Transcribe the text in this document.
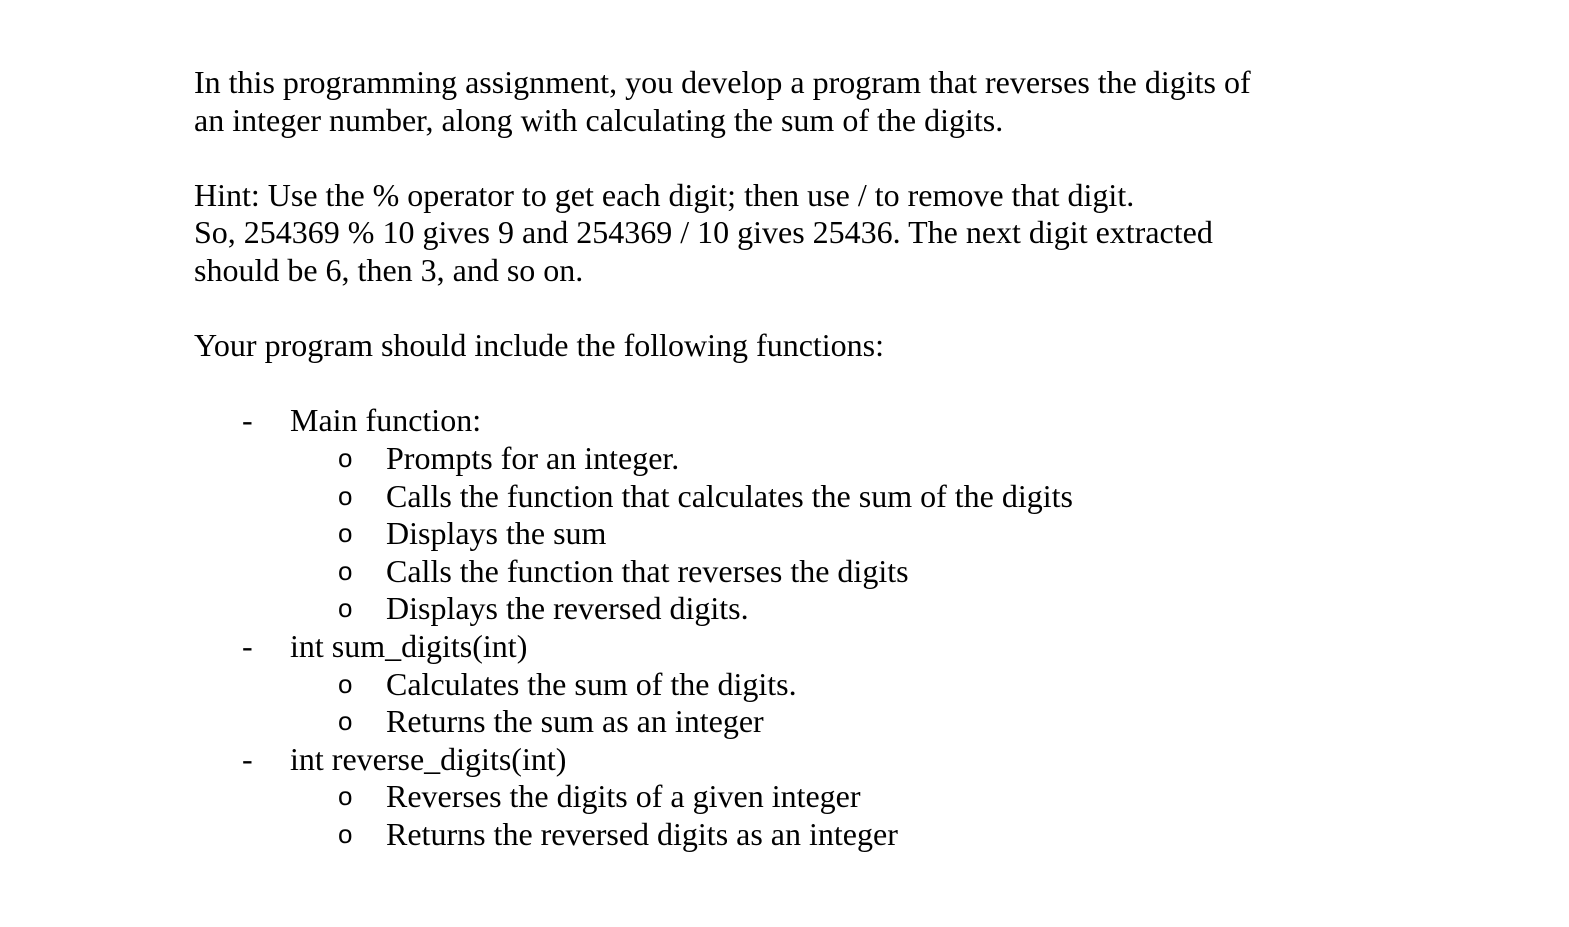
In this programming assignment, you develop a program that reverses the digits of
an integer number, along with calculating the sum of the digits.

Hint: Use the % operator to get each digit; then use / to remove that digit.
So, 254369 % 10 gives 9 and 254369 / 10 gives 25436. The next digit extracted
should be 6, then 3, and so on.

Your program should include the following functions:

- Main function:
o Prompts for an integer.
o Calls the function that calculates the sum of the digits
o Displays the sum
o Calls the function that reverses the digits
o Displays the reversed digits.
- int sum_digits(int)
o Calculates the sum of the digits.
o Returns the sum as an integer
- int reverse_digits(int)
o Reverses the digits of a given integer
o Returns the reversed digits as an integer
